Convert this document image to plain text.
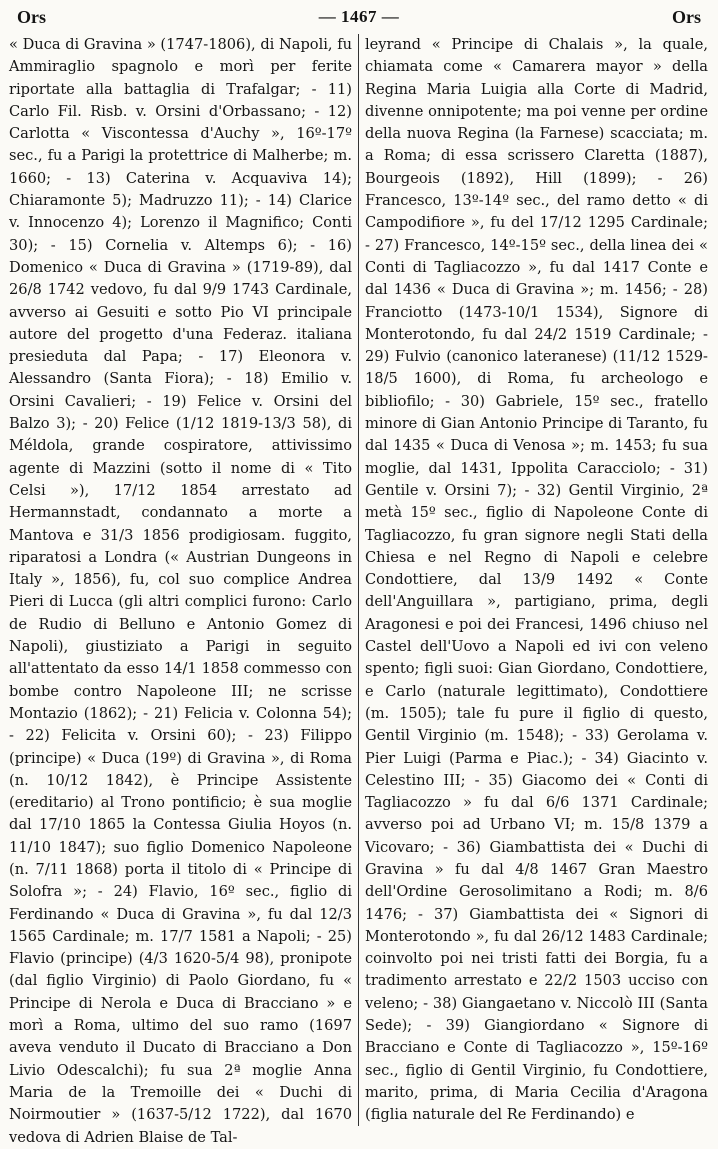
Ors	— 1467 —	Ors

« Duca di Gravina » (1747-1806), di Napoli, fu Ammiraglio spagnolo e morì per ferite riportate alla battaglia di Trafalgar; - 11) Carlo Fil. Risb. v. Orsini d'Orbassano; - 12) Carlotta « Viscontessa d'Auchy », 16º-17º sec., fu a Parigi la protettrice di Malherbe; m. 1660; - 13) Caterina v. Acquaviva 14); Chiaramonte 5); Madruzzo 11); - 14) Clarice v. Innocenzo 4); Lorenzo il Magnifico; Conti 30); - 15) Cornelia v. Altemps 6); - 16) Domenico « Duca di Gravina » (1719-89), dal 26/8 1742 vedovo, fu dal 9/9 1743 Cardinale, avverso ai Gesuiti e sotto Pio VI principale autore del progetto d'una Federaz. italiana presieduta dal Papa; - 17) Eleonora v. Alessandro (Santa Fiora); - 18) Emilio v. Orsini Cavalieri; - 19) Felice v. Orsini del Balzo 3); - 20) Felice (1/12 1819-13/3 58), di Méldola, grande cospiratore, attivissimo agente di Mazzini (sotto il nome di « Tito Celsi »), 17/12 1854 arrestato ad Hermannstadt, condannato a morte a Mantova e 31/3 1856 prodigiosam. fuggito, riparatosi a Londra (« Austrian Dungeons in Italy », 1856), fu, col suo complice Andrea Pieri di Lucca (gli altri complici furono: Carlo de Rudio di Belluno e Antonio Gomez di Napoli), giustiziato a Parigi in seguito all'attentato da esso 14/1 1858 commesso con bombe contro Napoleone III; ne scrisse Montazio (1862); - 21) Felicia v. Colonna 54); - 22) Felicita v. Orsini 60); - 23) Filippo (principe) « Duca (19º) di Gravina », di Roma (n. 10/12 1842), è Principe Assistente (ereditario) al Trono pontificio; è sua moglie dal 17/10 1865 la Contessa Giulia Hoyos (n. 11/10 1847); suo figlio Domenico Napoleone (n. 7/11 1868) porta il titolo di « Principe di Solofra »; - 24) Flavio, 16º sec., figlio di Ferdinando « Duca di Gravina », fu dal 12/3 1565 Cardinale; m. 17/7 1581 a Napoli; - 25) Flavio (principe) (4/3 1620-5/4 98), pronipote (dal figlio Virginio) di Paolo Giordano, fu « Principe di Nerola e Duca di Bracciano » e morì a Roma, ultimo del suo ramo (1697 aveva venduto il Ducato di Bracciano a Don Livio Odescalchi); fu sua 2ª moglie Anna Maria de la Tremoille dei « Duchi di Noirmoutier » (1637-5/12 1722), dal 1670 vedova di Adrien Blaise de Tal-

leyrand « Principe di Chalais », la quale, chiamata come « Camarera mayor » della Regina Maria Luigia alla Corte di Madrid, divenne onnipotente; ma poi venne per ordine della nuova Regina (la Farnese) scacciata; m. a Roma; di essa scrissero Claretta (1887), Bourgeois (1892), Hill (1899); - 26) Francesco, 13º-14º sec., del ramo detto « di Campodifiore », fu del 17/12 1295 Cardinale; - 27) Francesco, 14º-15º sec., della linea dei « Conti di Tagliacozzo », fu dal 1417 Conte e dal 1436 « Duca di Gravina »; m. 1456; - 28) Franciotto (1473-10/1 1534), Signore di Monterotondo, fu dal 24/2 1519 Cardinale; - 29) Fulvio (canonico lateranese) (11/12 1529-18/5 1600), di Roma, fu archeologo e bibliofilo; - 30) Gabriele, 15º sec., fratello minore di Gian Antonio Principe di Taranto, fu dal 1435 « Duca di Venosa »; m. 1453; fu sua moglie, dal 1431, Ippolita Caracciolo; - 31) Gentile v. Orsini 7); - 32) Gentil Virginio, 2ª metà 15º sec., figlio di Napoleone Conte di Tagliacozzo, fu gran signore negli Stati della Chiesa e nel Regno di Napoli e celebre Condottiere, dal 13/9 1492 « Conte dell'Anguillara », partigiano, prima, degli Aragonesi e poi dei Francesi, 1496 chiuso nel Castel dell'Uovo a Napoli ed ivi con veleno spento; figli suoi: Gian Giordano, Condottiere, e Carlo (naturale legittimato), Condottiere (m. 1505); tale fu pure il figlio di questo, Gentil Virginio (m. 1548); - 33) Gerolama v. Pier Luigi (Parma e Piac.); - 34) Giacinto v. Celestino III; - 35) Giacomo dei « Conti di Tagliacozzo » fu dal 6/6 1371 Cardinale; avverso poi ad Urbano VI; m. 15/8 1379 a Vicovaro; - 36) Giambattista dei « Duchi di Gravina » fu dal 4/8 1467 Gran Maestro dell'Ordine Gerosolimitano a Rodi; m. 8/6 1476; - 37) Giambattista dei « Signori di Monterotondo », fu dal 26/12 1483 Cardinale; coinvolto poi nei tristi fatti dei Borgia, fu a tradimento arrestato e 22/2 1503 ucciso con veleno; - 38) Giangaetano v. Niccolò III (Santa Sede); - 39) Giangiordano « Signore di Bracciano e Conte di Tagliacozzo », 15º-16º sec., figlio di Gentil Virginio, fu Condottiere, marito, prima, di Maria Cecilia d'Aragona (figlia naturale del Re Ferdinando) e
